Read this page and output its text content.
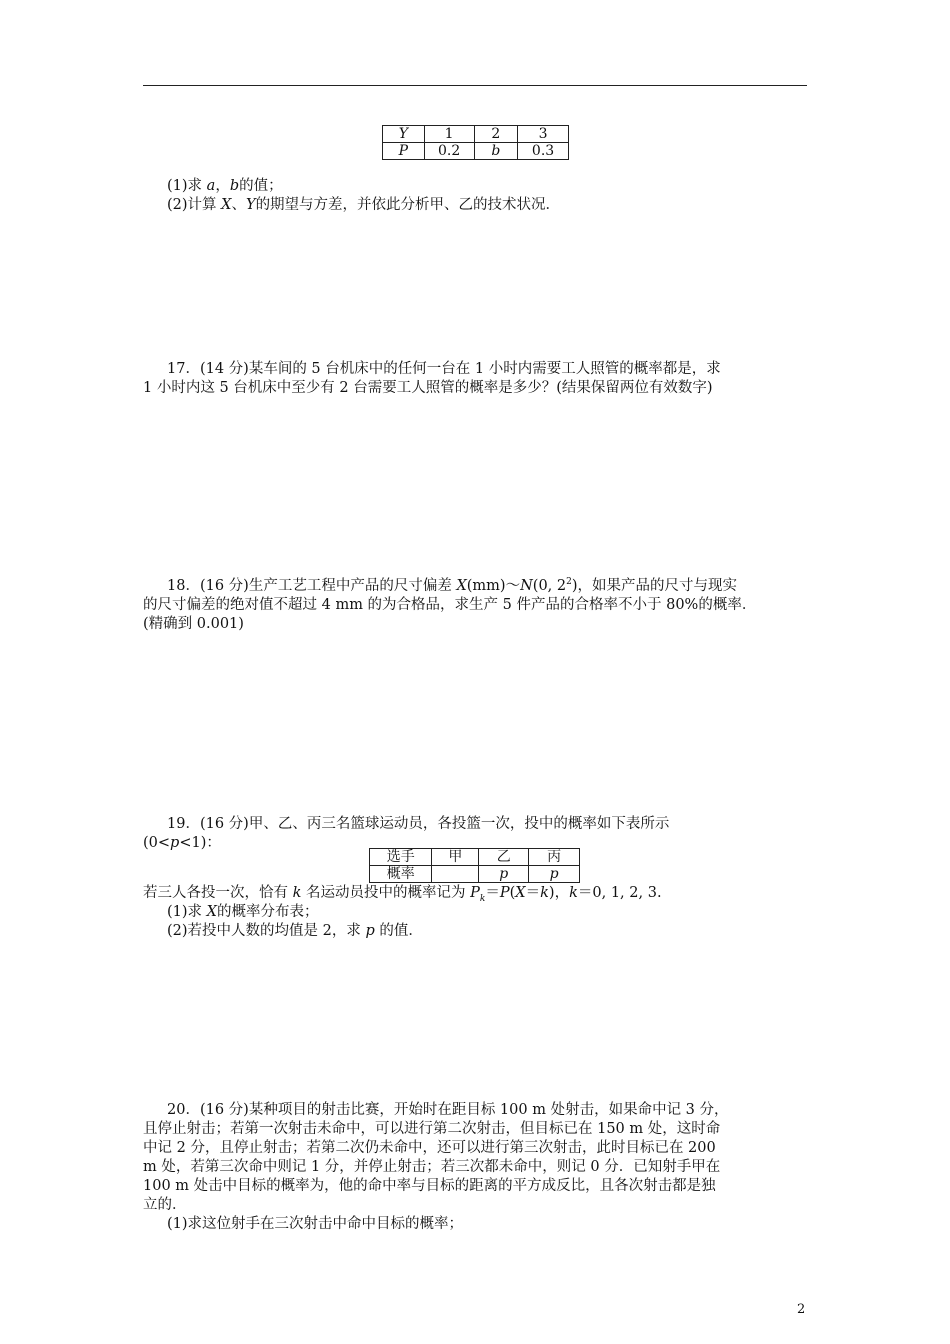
Y	1	2	3
P	0.2	b	0.3
(1)求 a，b的值；
(2)计算 X、Y的期望与方差，并依此分析甲、乙的技术状况．
17．(14 分)某车间的 5 台机床中的任何一台在 1 小时内需要工人照管的概率都是，求
1 小时内这 5 台机床中至少有 2 台需要工人照管的概率是多少？(结果保留两位有效数字)
18．(16 分)生产工艺工程中产品的尺寸偏差 X(mm)～N(0, $2^2$)，如果产品的尺寸与现实
的尺寸偏差的绝对值不超过 4 mm 的为合格品，求生产 5 件产品的合格率不小于 80%的概率．
(精确到 0.001)
19．(16 分)甲、乙、丙三名篮球运动员，各投篮一次，投中的概率如下表所示
(0<p<1)：
选手	甲	乙	丙
概率		p	p
若三人各投一次，恰有 k 名运动员投中的概率记为 $P_k=P(X=k)$，k＝0, 1, 2, 3.
(1)求 X的概率分布表；
(2)若投中人数的均值是 2，求 p 的值．
20．(16 分)某种项目的射击比赛，开始时在距目标 100 m 处射击，如果命中记 3 分，
且停止射击；若第一次射击未命中，可以进行第二次射击，但目标已在 150 m 处，这时命
中记 2 分，且停止射击；若第二次仍未命中，还可以进行第三次射击，此时目标已在 200
m 处，若第三次命中则记 1 分，并停止射击；若三次都未命中，则记 0 分．已知射手甲在
100 m 处击中目标的概率为，他的命中率与目标的距离的平方成反比，且各次射击都是独
立的．
(1)求这位射手在三次射击中命中目标的概率；
2
